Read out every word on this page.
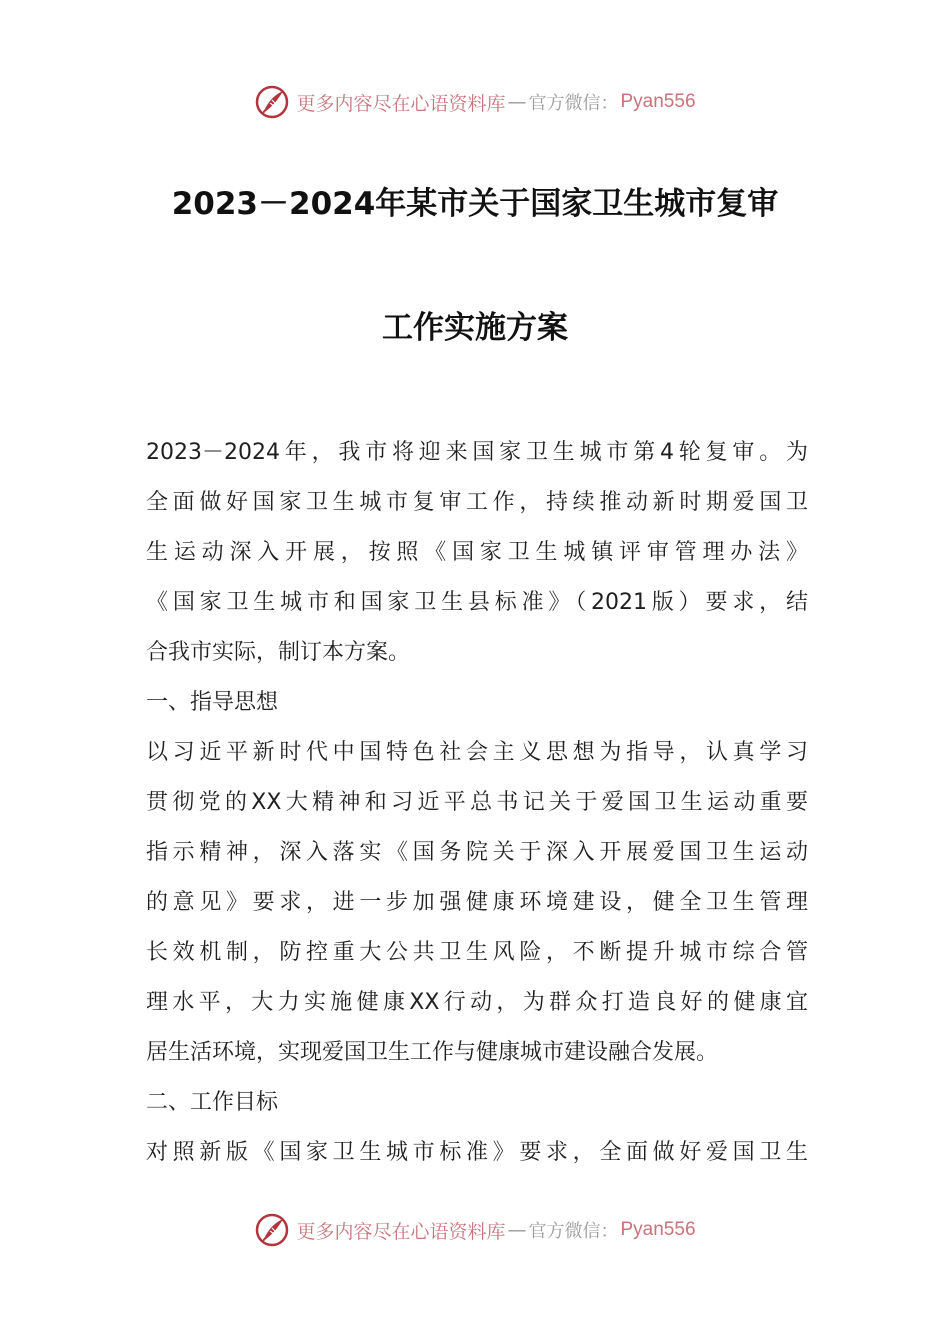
更多内容尽在心语资料库 — 官方微信： Pyan556
2023－2024年某市关于国家卫生城市复审
工作实施方案
2023－2024年，我市将迎来国家卫生城市第4轮复审。为
全面做好国家卫生城市复审工作，持续推动新时期爱国卫
生运动深入开展，按照《国家卫生城镇评审管理办法》
《国家卫生城市和国家卫生县标准》（2021版）要求，结
合我市实际，制订本方案。
一、指导思想
以习近平新时代中国特色社会主义思想为指导，认真学习
贯彻党的XX大精神和习近平总书记关于爱国卫生运动重要
指示精神，深入落实《国务院关于深入开展爱国卫生运动
的意见》要求，进一步加强健康环境建设，健全卫生管理
长效机制，防控重大公共卫生风险，不断提升城市综合管
理水平，大力实施健康XX行动，为群众打造良好的健康宜
居生活环境，实现爱国卫生工作与健康城市建设融合发展。
二、工作目标
对照新版《国家卫生城市标准》要求，全面做好爱国卫生
更多内容尽在心语资料库 — 官方微信： Pyan556
